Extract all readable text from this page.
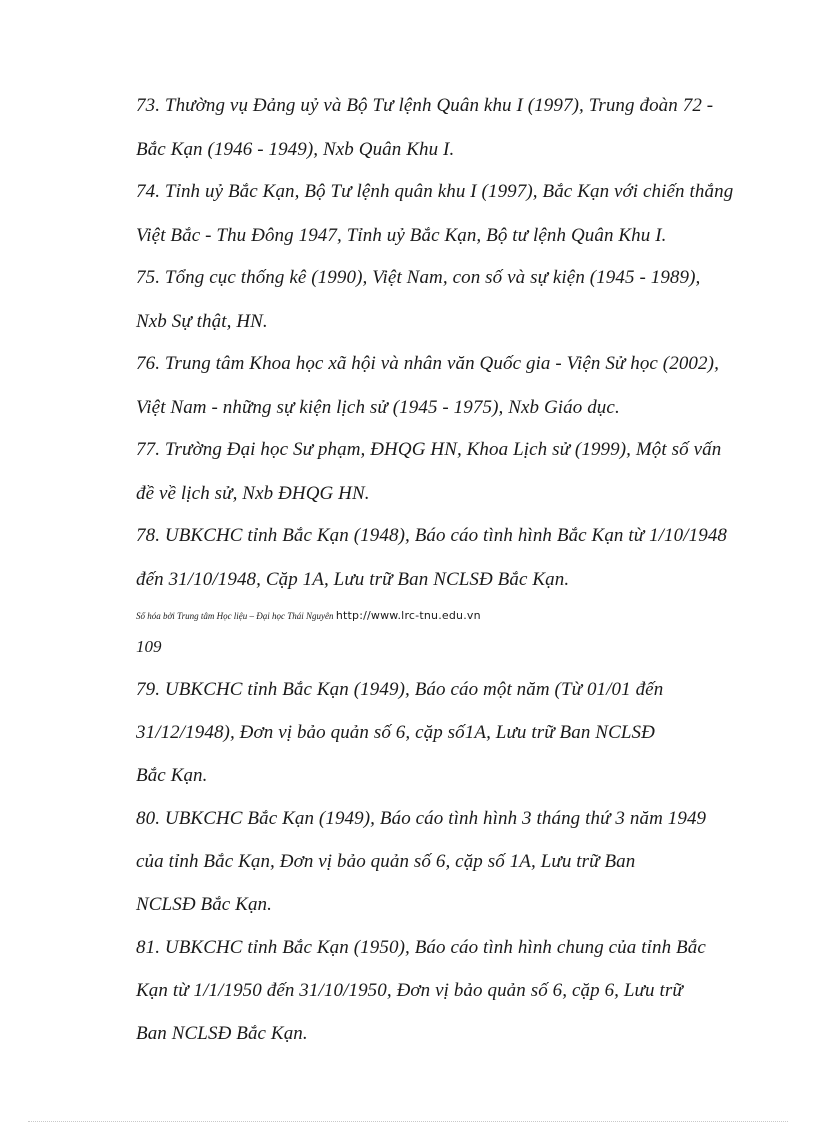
73. Thường vụ Đảng uỷ và Bộ Tư lệnh Quân khu I (1997), Trung đoàn 72 -
Bắc Kạn (1946 - 1949), Nxb Quân Khu I.
74. Tỉnh uỷ Bắc Kạn, Bộ Tư lệnh quân khu I (1997), Bắc Kạn với chiến thắng
Việt Bắc - Thu Đông 1947, Tỉnh uỷ Bắc Kạn, Bộ tư lệnh Quân Khu I.
75. Tổng cục thống kê (1990), Việt Nam, con số và sự kiện (1945 - 1989),
Nxb Sự thật, HN.
76. Trung tâm Khoa học xã hội và nhân văn Quốc gia - Viện Sử học (2002),
Việt Nam - những sự kiện lịch sử (1945 - 1975), Nxb Giáo dục.
77. Trường Đại học Sư phạm, ĐHQG HN, Khoa Lịch sử (1999), Một số vấn
đề về lịch sử, Nxb ĐHQG HN.
78. UBKCHC tỉnh Bắc Kạn (1948), Báo cáo tình hình Bắc Kạn từ 1/10/1948
đến 31/10/1948, Cặp 1A, Lưu trữ Ban NCLSĐ Bắc Kạn.
Số hóa bởi Trung tâm Học liệu – Đại học Thái Nguyên http://www.lrc-tnu.edu.vn
109
79. UBKCHC tỉnh Bắc Kạn (1949), Báo cáo một năm (Từ 01/01 đến
31/12/1948), Đơn vị bảo quản số 6, cặp số1A, Lưu trữ Ban NCLSĐ
Bắc Kạn.
80. UBKCHC Bắc Kạn (1949), Báo cáo tình hình 3 tháng thứ 3 năm 1949
của tỉnh Bắc Kạn, Đơn vị bảo quản số 6, cặp số 1A, Lưu trữ Ban
NCLSĐ Bắc Kạn.
81. UBKCHC tỉnh Bắc Kạn (1950), Báo cáo tình hình chung của tỉnh Bắc
Kạn từ 1/1/1950 đến 31/10/1950, Đơn vị bảo quản số 6, cặp 6, Lưu trữ
Ban NCLSĐ Bắc Kạn.
